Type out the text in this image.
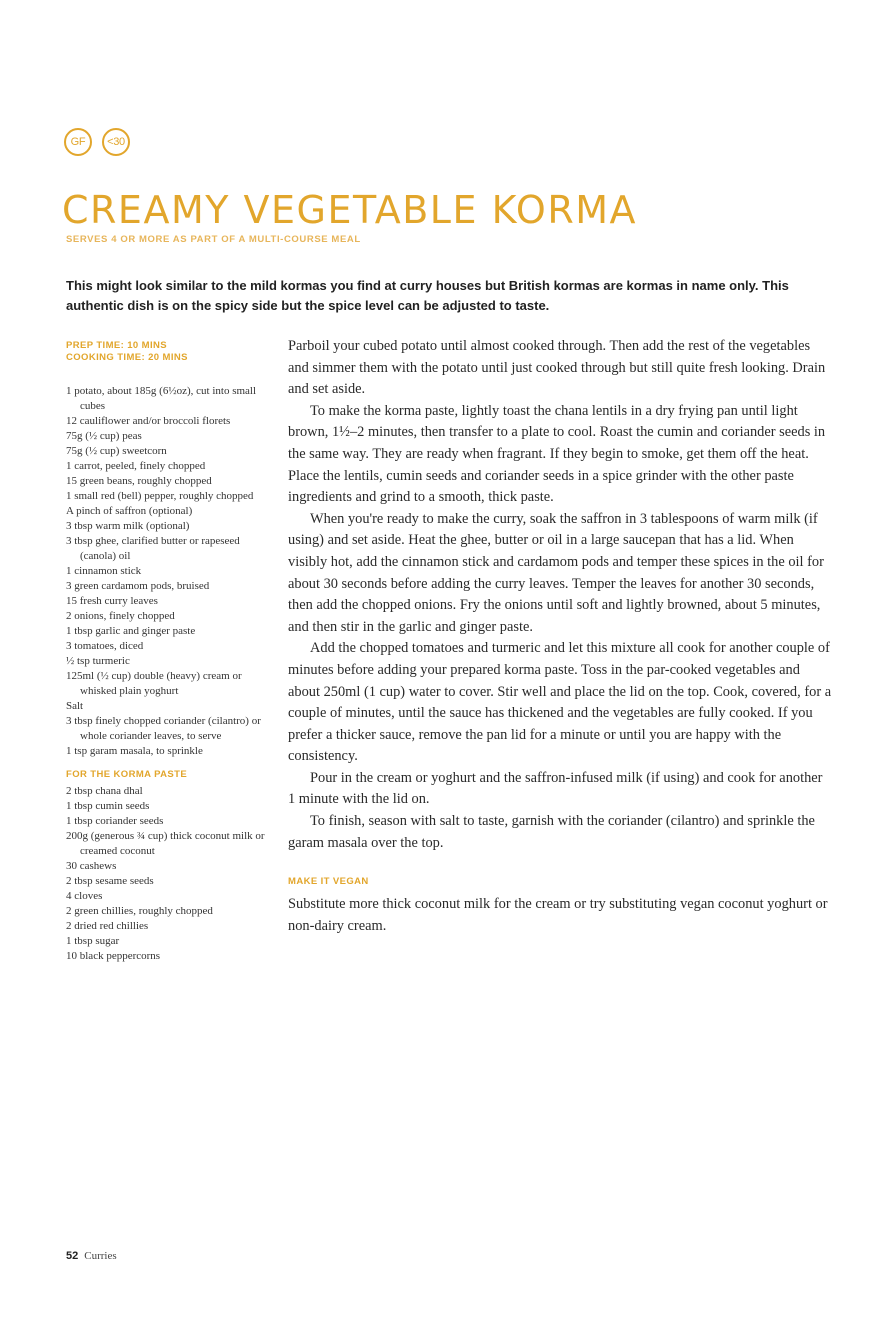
GF	<30
CREAMY VEGETABLE KORMA
SERVES 4 OR MORE AS PART OF A MULTI-COURSE MEAL

This might look similar to the mild kormas you find at curry houses but British kormas are kormas in name only. This authentic dish is on the spicy side but the spice level can be adjusted to taste.

PREP TIME: 10 MINS
COOKING TIME: 20 MINS
1 potato, about 185g (6½oz), cut into small cubes
12 cauliflower and/or broccoli florets
75g (½ cup) peas
75g (½ cup) sweetcorn
1 carrot, peeled, finely chopped
15 green beans, roughly chopped
1 small red (bell) pepper, roughly chopped
A pinch of saffron (optional)
3 tbsp warm milk (optional)
3 tbsp ghee, clarified butter or rapeseed (canola) oil
1 cinnamon stick
3 green cardamom pods, bruised
15 fresh curry leaves
2 onions, finely chopped
1 tbsp garlic and ginger paste
3 tomatoes, diced
½ tsp turmeric
125ml (½ cup) double (heavy) cream or whisked plain yoghurt
Salt
3 tbsp finely chopped coriander (cilantro) or whole coriander leaves, to serve
1 tsp garam masala, to sprinkle
FOR THE KORMA PASTE
2 tbsp chana dhal
1 tbsp cumin seeds
1 tbsp coriander seeds
200g (generous ¾ cup) thick coconut milk or creamed coconut
30 cashews
2 tbsp sesame seeds
4 cloves
2 green chillies, roughly chopped
2 dried red chillies
1 tbsp sugar
10 black peppercorns

Parboil your cubed potato until almost cooked through. Then add the rest of the vegetables and simmer them with the potato until just cooked through but still quite fresh looking. Drain and set aside.

To make the korma paste, lightly toast the chana lentils in a dry frying pan until light brown, 1½–2 minutes, then transfer to a plate to cool. Roast the cumin and coriander seeds in the same way. They are ready when fragrant. If they begin to smoke, get them off the heat. Place the lentils, cumin seeds and coriander seeds in a spice grinder with the other paste ingredients and grind to a smooth, thick paste.

When you're ready to make the curry, soak the saffron in 3 tablespoons of warm milk (if using) and set aside. Heat the ghee, butter or oil in a large saucepan that has a lid. When visibly hot, add the cinnamon stick and cardamom pods and temper these spices in the oil for about 30 seconds before adding the curry leaves. Temper the leaves for another 30 seconds, then add the chopped onions. Fry the onions until soft and lightly browned, about 5 minutes, and then stir in the garlic and ginger paste.

Add the chopped tomatoes and turmeric and let this mixture all cook for another couple of minutes before adding your prepared korma paste. Toss in the par-cooked vegetables and about 250ml (1 cup) water to cover. Stir well and place the lid on the top. Cook, covered, for a couple of minutes, until the sauce has thickened and the vegetables are fully cooked. If you prefer a thicker sauce, remove the pan lid for a minute or until you are happy with the consistency.

Pour in the cream or yoghurt and the saffron-infused milk (if using) and cook for another 1 minute with the lid on.

To finish, season with salt to taste, garnish with the coriander (cilantro) and sprinkle the garam masala over the top.

MAKE IT VEGAN

Substitute more thick coconut milk for the cream or try substituting vegan coconut yoghurt or non-dairy cream.

52 Curries
